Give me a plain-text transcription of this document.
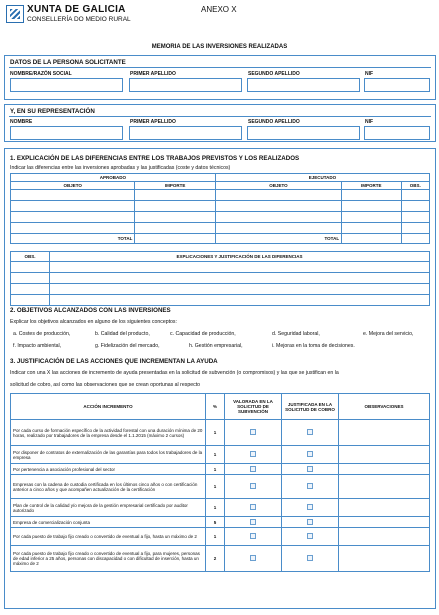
XUNTA DE GALICIA
CONSELLERÍA DO MEDIO RURAL
ANEXO X
MEMORIA DE LAS INVERSIONES REALIZADAS
DATOS DE LA PERSONA SOLICITANTE
NOMBRE/RAZÓN SOCIAL	PRIMER APELLIDO	SEGUNDO APELLIDO	NIF
Y, EN SU REPRESENTACIÓN
NOMBRE	PRIMER APELLIDO	SEGUNDO APELLIDO	NIF
1. EXPLICACIÓN DE LAS DIFERENCIAS ENTRE LOS TRABAJOS PREVISTOS Y LOS REALIZADOS
Indicar las diferencias entre las inversiones aprobadas y las justificadas (coste y datos técnicos)
APROBADO		EJECUTADO		
OBJETO	IMPORTE	OBJETO	IMPORTE	OBS.

TOTAL		TOTAL		
OBS.	EXPLICACIONES Y JUSTIFICACIÓN DE LAS DIFERENCIAS

2. OBJETIVOS ALCANZADOS CON LAS INVERSIONES
Explicar los objetivos alcanzados en alguno de los siguientes conceptos:
a. Costes de producción,	b. Calidad del producto,	c. Capacidad de producción,	d. Seguridad laboral,	e. Mejora del servicio,
f. Impacto ambiental,	g. Fidelización del mercado,	h. Gestión empresarial,	i. Mejoras en la toma de decisiones.
3. JUSTIFICACIÓN DE LAS ACCIONES QUE INCREMENTAN LA AYUDA
Indicar con una X las acciones de incremento de ayuda presentadas en la solicitud de subvención (o compromisos) y las que se justifican en la
solicitud de cobro, así como las observaciones que se crean oportunas al respecto
ACCIÓN INCREMENTO	%	VALORADA EN LA SOLICITUD DE SUBVENCIÓN	JUSTIFICADA EN LA SOLICITUD DE COBRO	OBSERVACIONES
Por cada curso de formación específico de la actividad forestal con una duración mínima de 20 horas, realizado por trabajadores de la empresa desde el 1.1.2015 (máximo 2 cursos)	1			
Por disponer de contratos de externalización de las garantías para todos los trabajadores de la empresa	1			
Por pertenencia a asociación profesional del sector	1			
Empresas con la cadena de custodia certificada en los últimos cinco años o con certificación anterior a cinco años y que acompañen actualización de la certificación	1			
Plan de control de la calidad y/o mejora de la gestión empresarial certificado por auditor autorizado	1			
Empresa de comercialización conjunta	5			
Por cada puesto de trabajo fijo creado o convertido de eventual a fijo, hasta un máximo de 2	1			
Por cada puesto de trabajo fijo creado o convertido de eventual a fijo, para mujeres, personas de edad inferior a 25 años, personas con discapacidad o con dificultad de inserción, hasta un máximo de 2	2			
